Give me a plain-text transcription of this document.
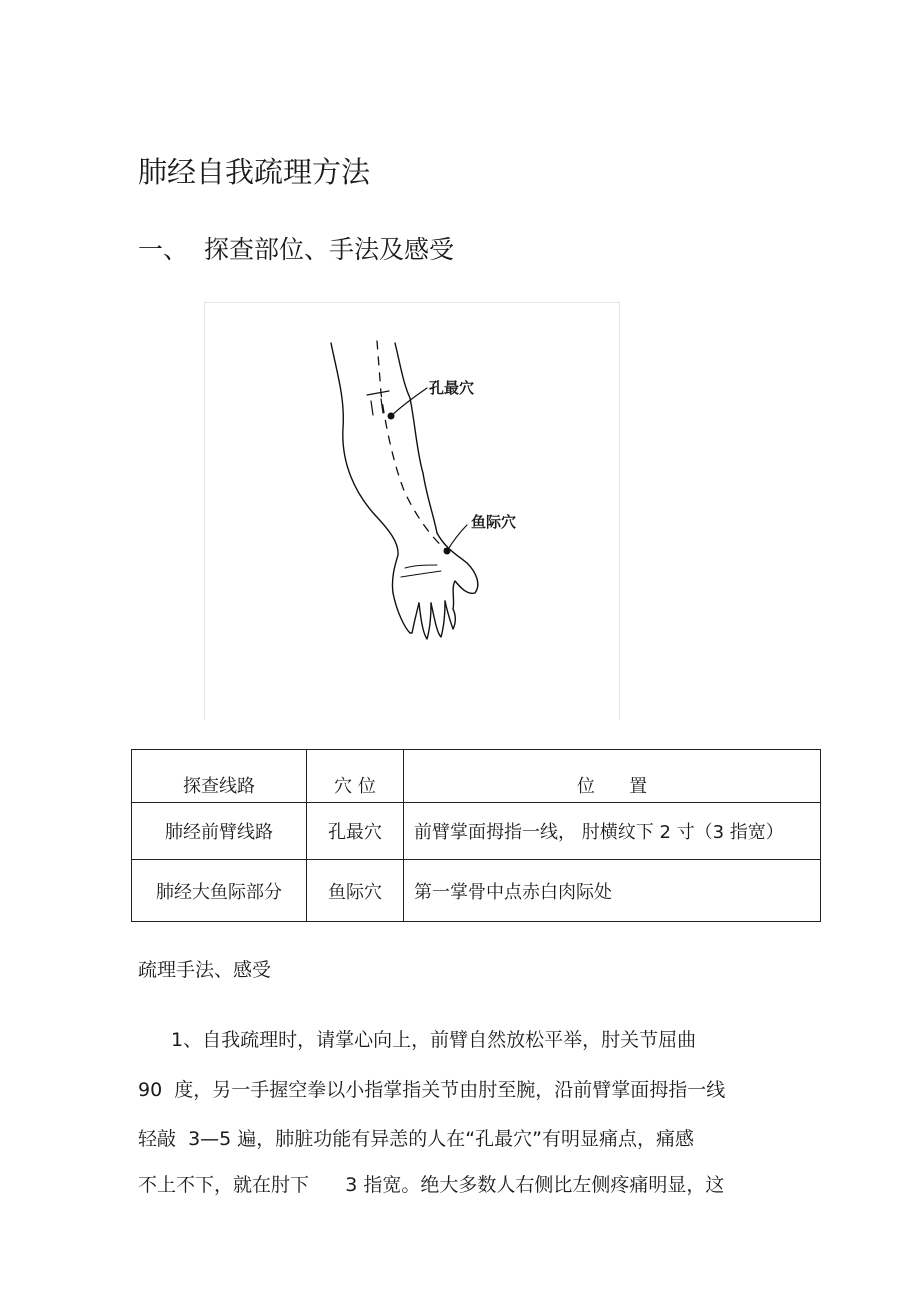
肺经自我疏理方法
一、 探查部位、手法及感受
孔最穴
鱼际穴
探查线路	穴 位	位      置
肺经前臂线路	孔最穴	前臂掌面拇指一线， 肘横纹下 2 寸（3 指宽）
肺经大鱼际部分	鱼际穴	第一掌骨中点赤白肉际处
疏理手法、感受
1、自我疏理时，请掌心向上，前臂自然放松平举，肘关节屈曲
90  度，另一手握空拳以小指掌指关节由肘至腕，沿前臂掌面拇指一线
轻敲  3—5 遍，肺脏功能有异恙的人在“孔最穴”有明显痛点，痛感
不上不下，就在肘下      3 指宽。绝大多数人右侧比左侧疼痛明显，这
